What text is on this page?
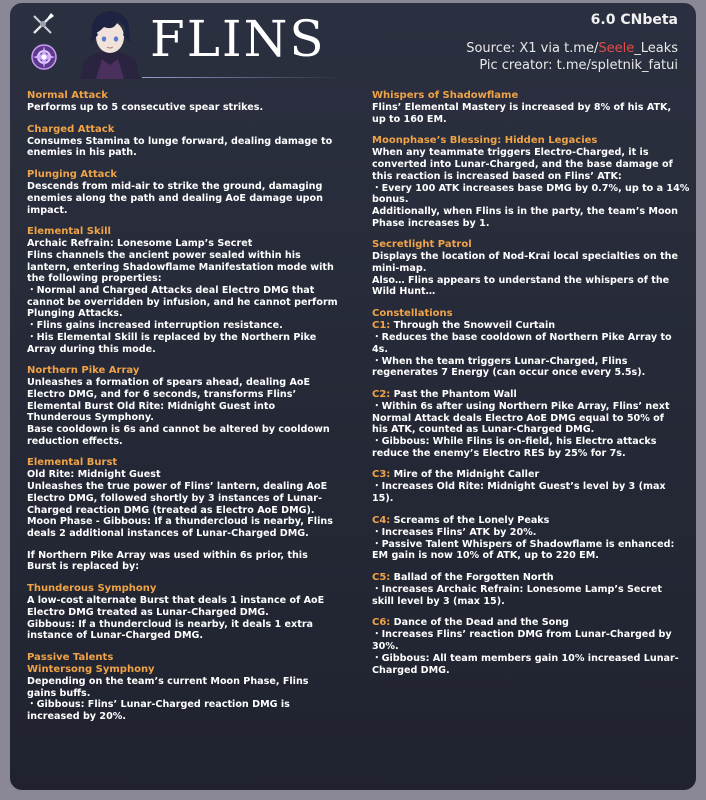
FLINS	6.0 CNbeta
Source: X1 via t.me/Seele_Leaks
Pic creator: t.me/spletnik_fatui
Normal Attack
Performs up to 5 consecutive spear strikes.
Charged Attack
Consumes Stamina to lunge forward, dealing damage to
enemies in his path.
Plunging Attack
Descends from mid-air to strike the ground, damaging
enemies along the path and dealing AoE damage upon
impact.
Elemental Skill
Archaic Refrain: Lonesome Lamp’s Secret
Flins channels the ancient power sealed within his
lantern, entering Shadowflame Manifestation mode with
the following properties:
・Normal and Charged Attacks deal Electro DMG that
cannot be overridden by infusion, and he cannot perform
Plunging Attacks.
・Flins gains increased interruption resistance.
・His Elemental Skill is replaced by the Northern Pike
Array during this mode.
Northern Pike Array
Unleashes a formation of spears ahead, dealing AoE
Electro DMG, and for 6 seconds, transforms Flins’
Elemental Burst Old Rite: Midnight Guest into
Thunderous Symphony.
Base cooldown is 6s and cannot be altered by cooldown
reduction effects.
Elemental Burst
Old Rite: Midnight Guest
Unleashes the true power of Flins’ lantern, dealing AoE
Electro DMG, followed shortly by 3 instances of Lunar-
Charged reaction DMG (treated as Electro AoE DMG).
Moon Phase - Gibbous: If a thundercloud is nearby, Flins
deals 2 additional instances of Lunar-Charged DMG.
If Northern Pike Array was used within 6s prior, this
Burst is replaced by:
Thunderous Symphony
A low-cost alternate Burst that deals 1 instance of AoE
Electro DMG treated as Lunar-Charged DMG.
Gibbous: If a thundercloud is nearby, it deals 1 extra
instance of Lunar-Charged DMG.
Passive Talents
Wintersong Symphony
Depending on the team’s current Moon Phase, Flins
gains buffs.
・Gibbous: Flins’ Lunar-Charged reaction DMG is
increased by 20%.
Whispers of Shadowflame
Flins’ Elemental Mastery is increased by 8% of his ATK,
up to 160 EM.
Moonphase’s Blessing: Hidden Legacies
When any teammate triggers Electro-Charged, it is
converted into Lunar-Charged, and the base damage of
this reaction is increased based on Flins’ ATK:
・Every 100 ATK increases base DMG by 0.7%, up to a 14%
bonus.
Additionally, when Flins is in the party, the team’s Moon
Phase increases by 1.
Secretlight Patrol
Displays the location of Nod-Krai local specialties on the
mini-map.
Also… Flins appears to understand the whispers of the
Wild Hunt…
Constellations
C1: Through the Snowveil Curtain
・Reduces the base cooldown of Northern Pike Array to
4s.
・When the team triggers Lunar-Charged, Flins
regenerates 7 Energy (can occur once every 5.5s).
C2: Past the Phantom Wall
・Within 6s after using Northern Pike Array, Flins’ next
Normal Attack deals Electro AoE DMG equal to 50% of
his ATK, counted as Lunar-Charged DMG.
・Gibbous: While Flins is on-field, his Electro attacks
reduce the enemy’s Electro RES by 25% for 7s.
C3: Mire of the Midnight Caller
・Increases Old Rite: Midnight Guest’s level by 3 (max
15).
C4: Screams of the Lonely Peaks
・Increases Flins’ ATK by 20%.
・Passive Talent Whispers of Shadowflame is enhanced:
EM gain is now 10% of ATK, up to 220 EM.
C5: Ballad of the Forgotten North
・Increases Archaic Refrain: Lonesome Lamp’s Secret
skill level by 3 (max 15).
C6: Dance of the Dead and the Song
・Increases Flins’ reaction DMG from Lunar-Charged by
30%.
・Gibbous: All team members gain 10% increased Lunar-
Charged DMG.
